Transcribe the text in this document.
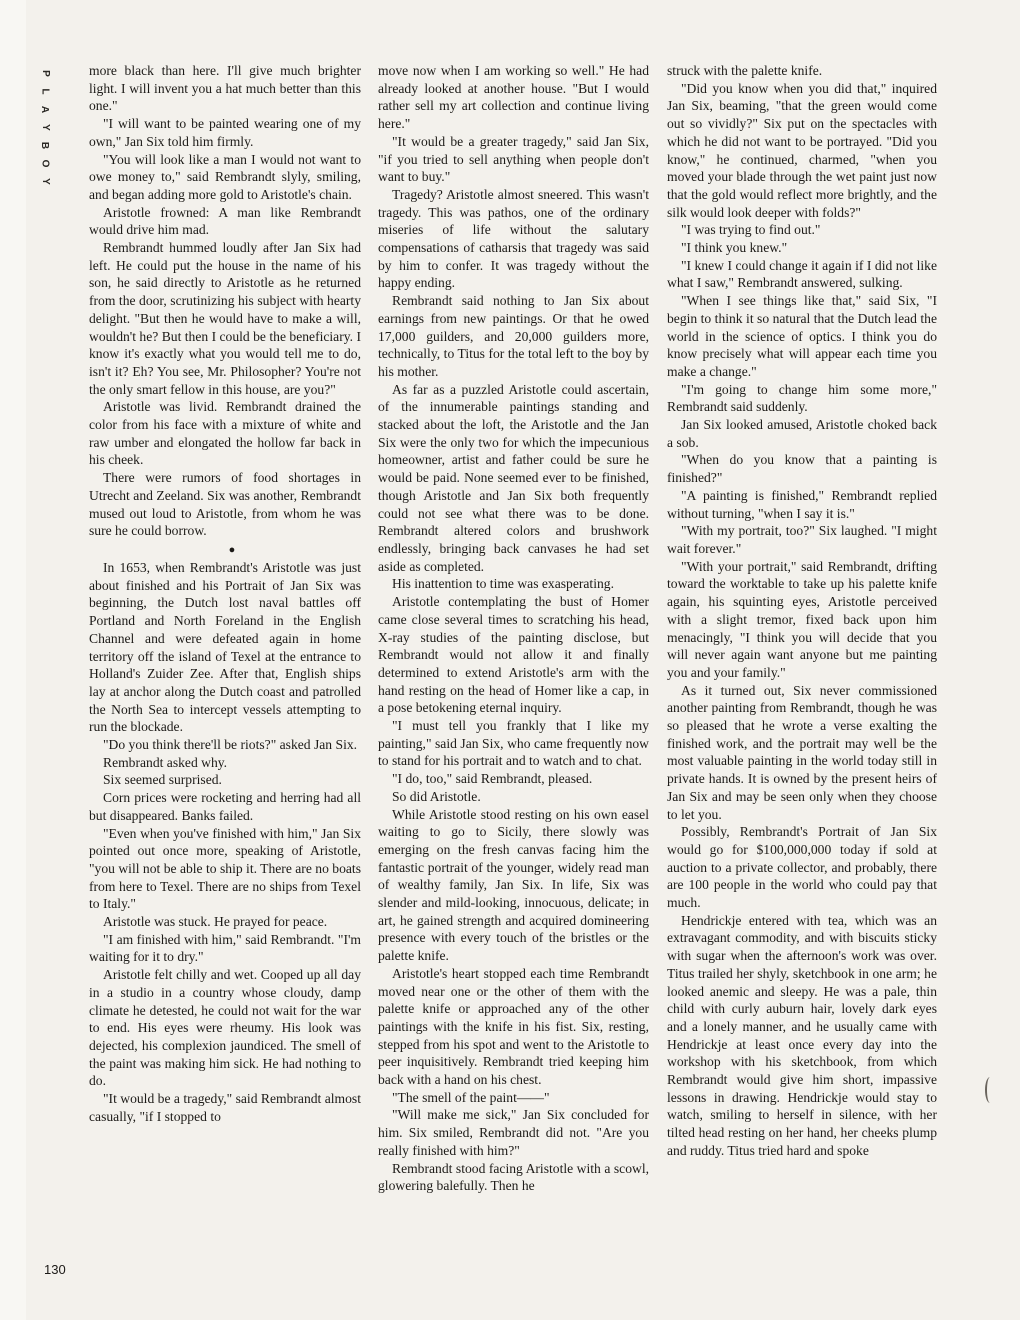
P
L
A
Y
B
O
Y

more black than here. I'll give much brighter light. I will invent you a hat much better than this one."

"I will want to be painted wearing one of my own," Jan Six told him firmly.

"You will look like a man I would not want to owe money to," said Rembrandt slyly, smiling, and began adding more gold to Aristotle's chain.

Aristotle frowned: A man like Rembrandt would drive him mad.

Rembrandt hummed loudly after Jan Six had left. He could put the house in the name of his son, he said directly to Aristotle as he returned from the door, scrutinizing his subject with hearty delight. "But then he would have to make a will, wouldn't he? But then I could be the beneficiary. I know it's exactly what you would tell me to do, isn't it? Eh? You see, Mr. Philosopher? You're not the only smart fellow in this house, are you?"

Aristotle was livid. Rembrandt drained the color from his face with a mixture of white and raw umber and elongated the hollow far back in his cheek.

There were rumors of food shortages in Utrecht and Zeeland. Six was another, Rembrandt mused out loud to Aristotle, from whom he was sure he could borrow.

●

In 1653, when Rembrandt's Aristotle was just about finished and his Portrait of Jan Six was beginning, the Dutch lost naval battles off Portland and North Foreland in the English Channel and were defeated again in home territory off the island of Texel at the entrance to Holland's Zuider Zee. After that, English ships lay at anchor along the Dutch coast and patrolled the North Sea to intercept vessels attempting to run the blockade.

"Do you think there'll be riots?" asked Jan Six.

Rembrandt asked why.

Six seemed surprised.

Corn prices were rocketing and herring had all but disappeared. Banks failed.

"Even when you've finished with him," Jan Six pointed out once more, speaking of Aristotle, "you will not be able to ship it. There are no boats from here to Texel. There are no ships from Texel to Italy."

Aristotle was stuck. He prayed for peace.

"I am finished with him," said Rembrandt. "I'm waiting for it to dry."

Aristotle felt chilly and wet. Cooped up all day in a studio in a country whose cloudy, damp climate he detested, he could not wait for the war to end. His eyes were rheumy. His look was dejected, his complexion jaundiced. The smell of the paint was making him sick. He had nothing to do.

"It would be a tragedy," said Rembrandt almost casually, "if I stopped to

move now when I am working so well." He had already looked at another house. "But I would rather sell my art collection and continue living here."

"It would be a greater tragedy," said Jan Six, "if you tried to sell anything when people don't want to buy."

Tragedy? Aristotle almost sneered. This wasn't tragedy. This was pathos, one of the ordinary miseries of life without the salutary compensations of catharsis that tragedy was said by him to confer. It was tragedy without the happy ending.

Rembrandt said nothing to Jan Six about earnings from new paintings. Or that he owed 17,000 guilders, and 20,000 guilders more, technically, to Titus for the total left to the boy by his mother.

As far as a puzzled Aristotle could ascertain, of the innumerable paintings standing and stacked about the loft, the Aristotle and the Jan Six were the only two for which the impecunious homeowner, artist and father could be sure he would be paid. None seemed ever to be finished, though Aristotle and Jan Six both frequently could not see what there was to be done. Rembrandt altered colors and brushwork endlessly, bringing back canvases he had set aside as completed.

His inattention to time was exasperating.

Aristotle contemplating the bust of Homer came close several times to scratching his head, X-ray studies of the painting disclose, but Rembrandt would not allow it and finally determined to extend Aristotle's arm with the hand resting on the head of Homer like a cap, in a pose betokening eternal inquiry.

"I must tell you frankly that I like my painting," said Jan Six, who came frequently now to stand for his portrait and to watch and to chat.

"I do, too," said Rembrandt, pleased.

So did Aristotle.

While Aristotle stood resting on his own easel waiting to go to Sicily, there slowly was emerging on the fresh canvas facing him the fantastic portrait of the younger, widely read man of wealthy family, Jan Six. In life, Six was slender and mild-looking, innocuous, delicate; in art, he gained strength and acquired domineering presence with every touch of the bristles or the palette knife.

Aristotle's heart stopped each time Rembrandt moved near one or the other of them with the palette knife or approached any of the other paintings with the knife in his fist. Six, resting, stepped from his spot and went to the Aristotle to peer inquisitively. Rembrandt tried keeping him back with a hand on his chest.

"The smell of the paint——"

"Will make me sick," Jan Six concluded for him. Six smiled, Rembrandt did not. "Are you really finished with him?"

Rembrandt stood facing Aristotle with a scowl, glowering balefully. Then he

struck with the palette knife.

"Did you know when you did that," inquired Jan Six, beaming, "that the green would come out so vividly?" Six put on the spectacles with which he did not want to be portrayed. "Did you know," he continued, charmed, "when you moved your blade through the wet paint just now that the gold would reflect more brightly, and the silk would look deeper with folds?"

"I was trying to find out."

"I think you knew."

"I knew I could change it again if I did not like what I saw," Rembrandt answered, sulking.

"When I see things like that," said Six, "I begin to think it so natural that the Dutch lead the world in the science of optics. I think you do know precisely what will appear each time you make a change."

"I'm going to change him some more," Rembrandt said suddenly.

Jan Six looked amused, Aristotle choked back a sob.

"When do you know that a painting is finished?"

"A painting is finished," Rembrandt replied without turning, "when I say it is."

"With my portrait, too?" Six laughed. "I might wait forever."

"With your portrait," said Rembrandt, drifting toward the worktable to take up his palette knife again, his squinting eyes, Aristotle perceived with a slight tremor, fixed back upon him menacingly, "I think you will decide that you will never again want anyone but me painting you and your family."

As it turned out, Six never commissioned another painting from Rembrandt, though he was so pleased that he wrote a verse exalting the finished work, and the portrait may well be the most valuable painting in the world today still in private hands. It is owned by the present heirs of Jan Six and may be seen only when they choose to let you.

Possibly, Rembrandt's Portrait of Jan Six would go for $100,000,000 today if sold at auction to a private collector, and probably, there are 100 people in the world who could pay that much.

Hendrickje entered with tea, which was an extravagant commodity, and with biscuits sticky with sugar when the afternoon's work was over. Titus trailed her shyly, sketchbook in one arm; he looked anemic and sleepy. He was a pale, thin child with curly auburn hair, lovely dark eyes and a lonely manner, and he usually came with Hendrickje at least once every day into the workshop with his sketchbook, from which Rembrandt would give him short, impassive lessons in drawing. Hendrickje would stay to watch, smiling to herself in silence, with her tilted head resting on her hand, her cheeks plump and ruddy. Titus tried hard and spoke

130
